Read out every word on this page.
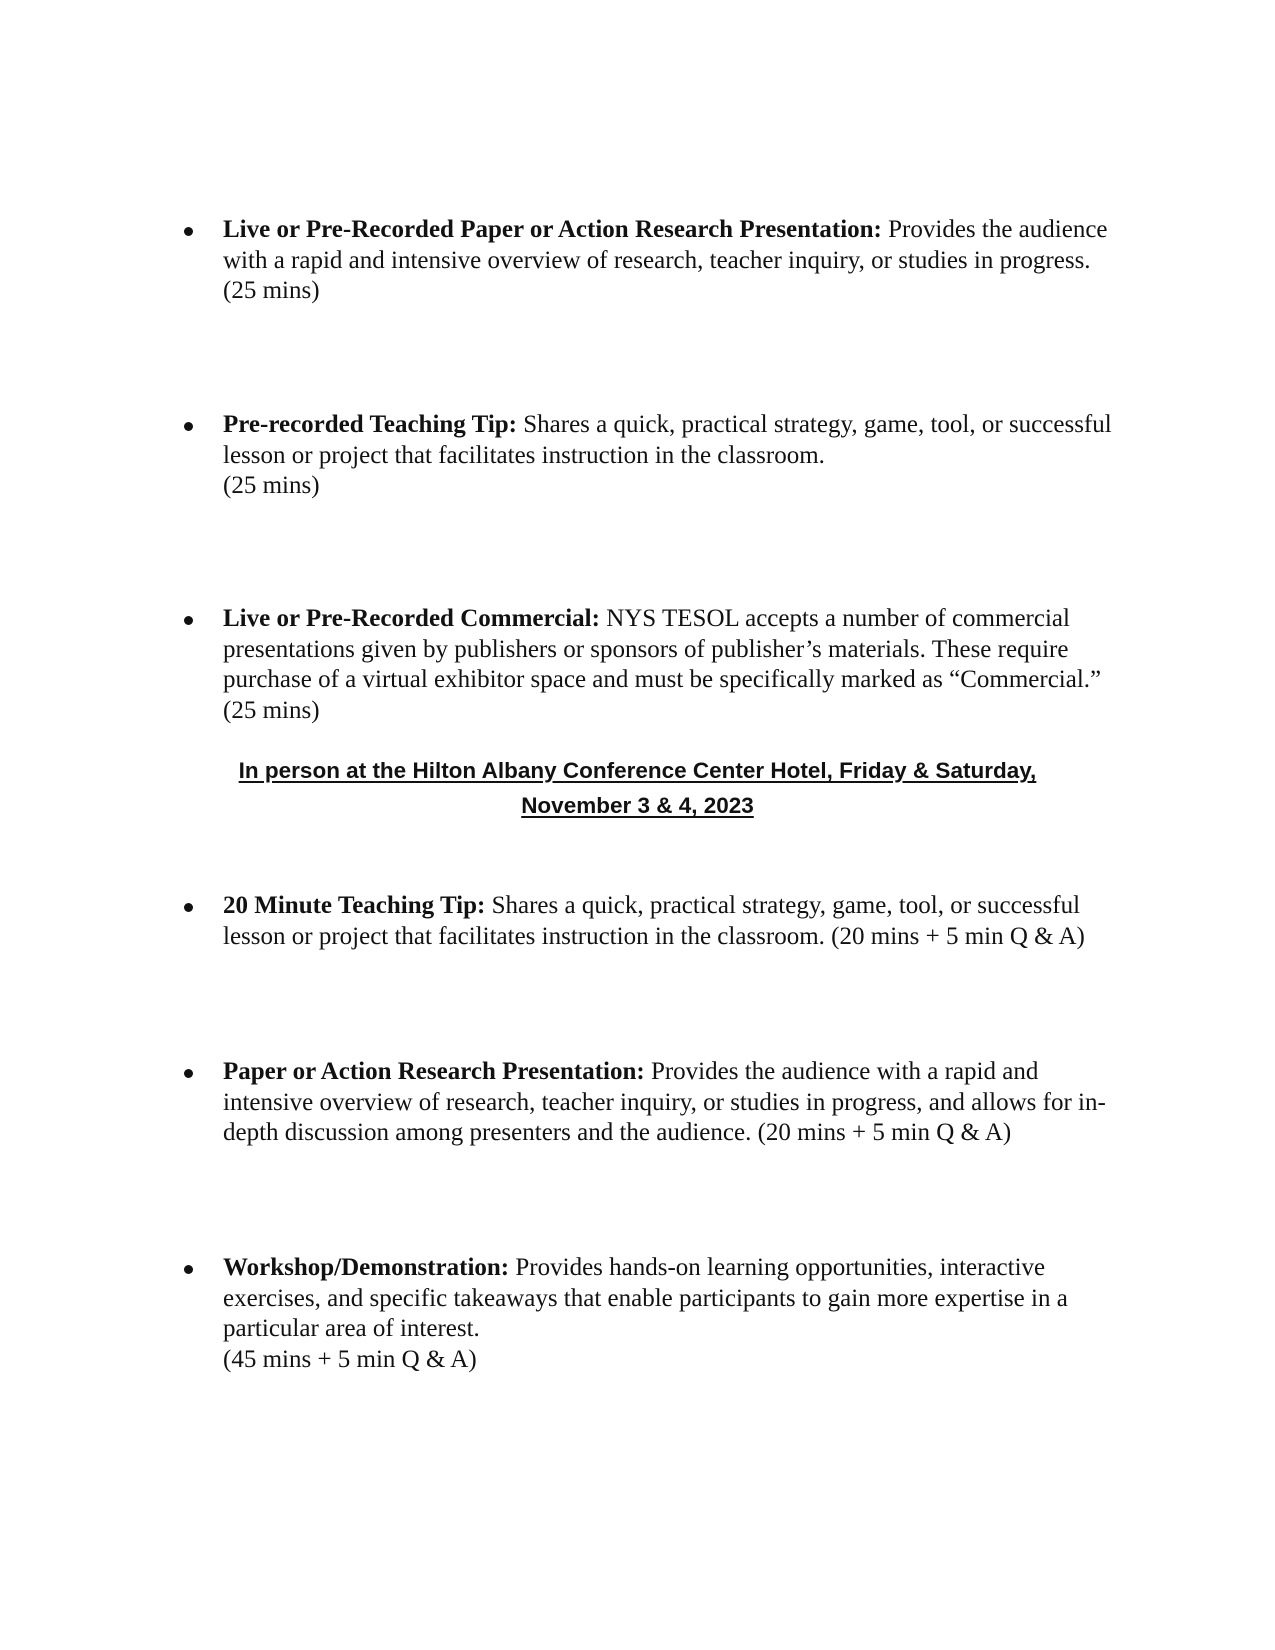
Live or Pre-Recorded Paper or Action Research Presentation: Provides the audience with a rapid and intensive overview of research, teacher inquiry, or studies in progress.
(25 mins)
Pre-recorded Teaching Tip: Shares a quick, practical strategy, game, tool, or successful lesson or project that facilitates instruction in the classroom.
(25 mins)
Live or Pre-Recorded Commercial: NYS TESOL accepts a number of commercial presentations given by publishers or sponsors of publisher’s materials. These require purchase of a virtual exhibitor space and must be specifically marked as “Commercial.” (25 mins)
In person at the Hilton Albany Conference Center Hotel, Friday & Saturday,
November 3 & 4, 2023
20 Minute Teaching Tip: Shares a quick, practical strategy, game, tool, or successful lesson or project that facilitates instruction in the classroom. (20 mins + 5 min Q & A)
Paper or Action Research Presentation: Provides the audience with a rapid and intensive overview of research, teacher inquiry, or studies in progress, and allows for in-depth discussion among presenters and the audience. (20 mins + 5 min Q & A)
Workshop/Demonstration: Provides hands-on learning opportunities, interactive exercises, and specific takeaways that enable participants to gain more expertise in a particular area of interest.
(45 mins + 5 min Q & A)
